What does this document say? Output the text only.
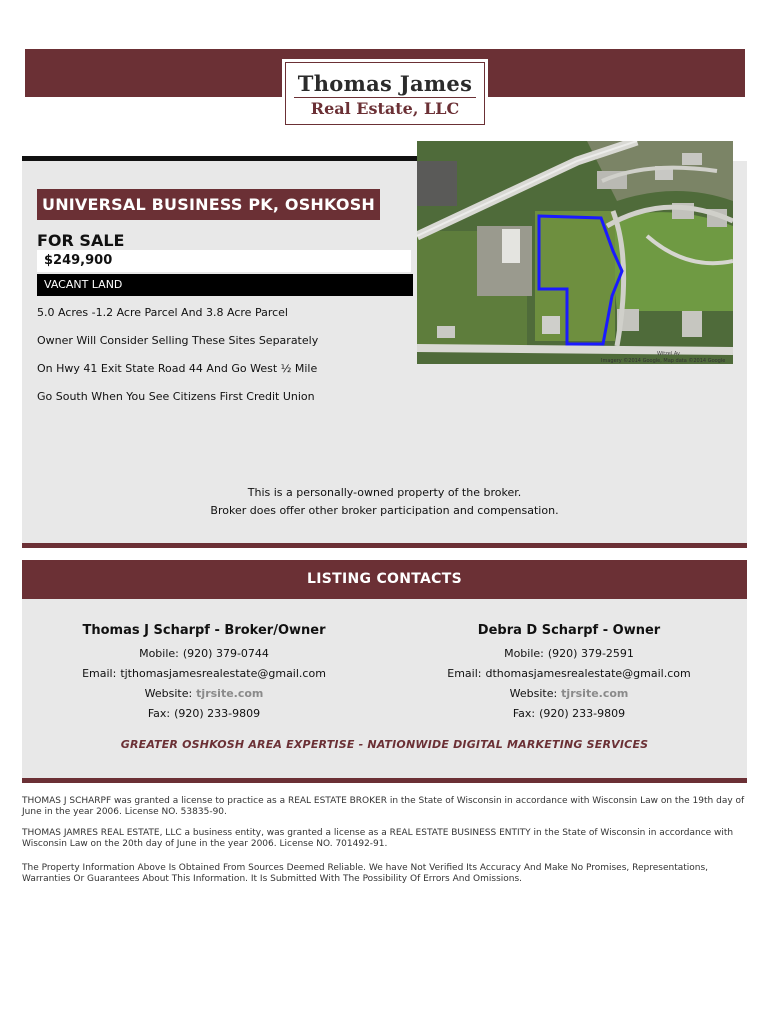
Thomas James
Real Estate, LLC
Witzel Av
Imagery ©2014 Google, Map data ©2014 Google
UNIVERSAL BUSINESS PK, OSHKOSH
FOR SALE
$249,900
VACANT LAND
5.0 Acres -1.2 Acre Parcel And 3.8 Acre Parcel
Owner Will Consider Selling These Sites Separately
On Hwy 41 Exit State Road 44 And Go West ½ Mile
Go South When You See Citizens First Credit Union
This is a personally-owned property of the broker.
Broker does offer other broker participation and compensation.
LISTING CONTACTS
Thomas J Scharpf - Broker/Owner
Mobile: (920) 379-0744
Email: tjthomasjamesrealestate@gmail.com
Website: tjrsite.com
Fax: (920) 233-9809
Debra D Scharpf - Owner
Mobile: (920) 379-2591
Email: dthomasjamesrealestate@gmail.com
Website: tjrsite.com
Fax: (920) 233-9809
GREATER OSHKOSH AREA EXPERTISE - NATIONWIDE DIGITAL MARKETING SERVICES
THOMAS J SCHARPF was granted a license to practice as a REAL ESTATE BROKER in the State of Wisconsin in accordance with Wisconsin Law on the 19th day of June in the year 2006. License NO. 53835-90.
THOMAS JAMRES REAL ESTATE, LLC a business entity, was granted a license as a REAL ESTATE BUSINESS ENTITY in the State of Wisconsin in accordance with Wisconsin Law on the 20th day of June in the year 2006. License NO. 701492-91.
The Property Information Above Is Obtained From Sources Deemed Reliable. We have Not Verified Its Accuracy And Make No Promises, Representations, Warranties Or Guarantees About This Information. It Is Submitted With The Possibility Of Errors And Omissions.
